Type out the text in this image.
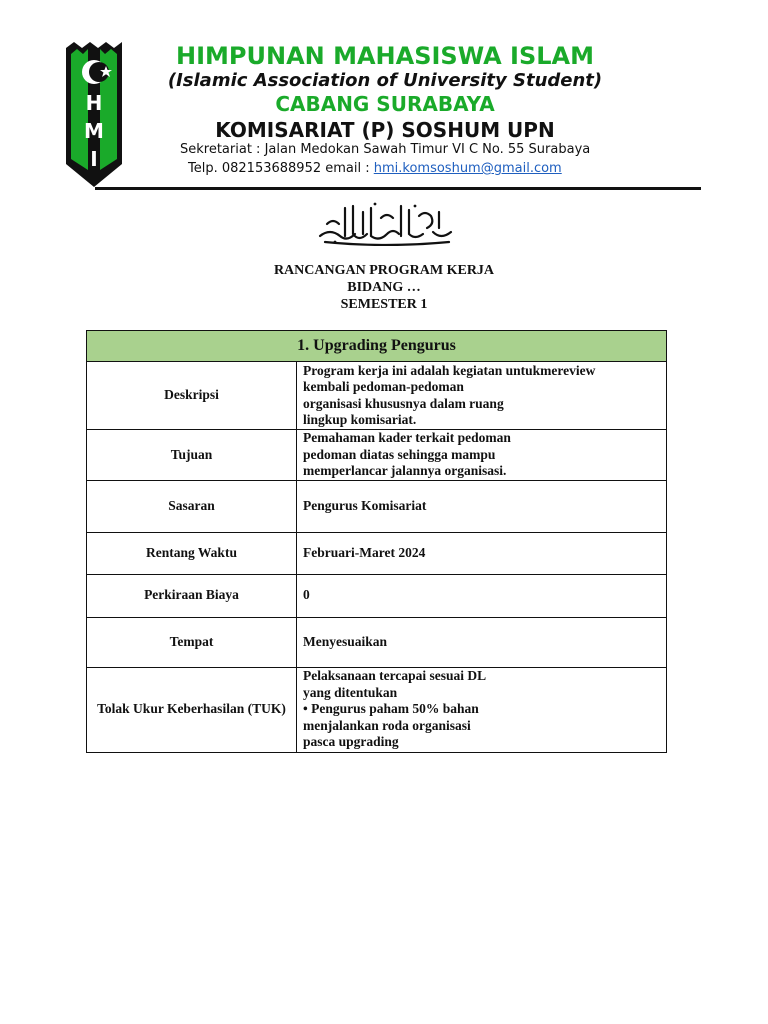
H
M
I
HIMPUNAN MAHASISWA ISLAM
(Islamic Association of University Student)
CABANG SURABAYA
KOMISARIAT (P) SOSHUM UPN
Sekretariat : Jalan Medokan Sawah Timur VI C No. 55 Surabaya
Telp. 082153688952 email : hmi.komsoshum@gmail.com
RANCANGAN PROGRAM KERJA
BIDANG …
SEMESTER 1
1. Upgrading Pengurus	
Deskripsi	Program kerja ini adalah kegiatan untukmereview
kembali pedoman-pedoman
organisasi khususnya dalam ruang
lingkup komisariat.

Tujuan	Pemahaman kader terkait pedoman
pedoman diatas sehingga mampu
memperlancar jalannya organisasi.

Sasaran	Pengurus Komisariat

Rentang Waktu	Februari-Maret 2024

Perkiraan Biaya	0

Tempat	Menyesuaikan

Tolak Ukur Keberhasilan (TUK)	Pelaksanaan tercapai sesuai DL
yang ditentukan
• Pengurus paham 50% bahan
menjalankan roda organisasi
pasca upgrading
